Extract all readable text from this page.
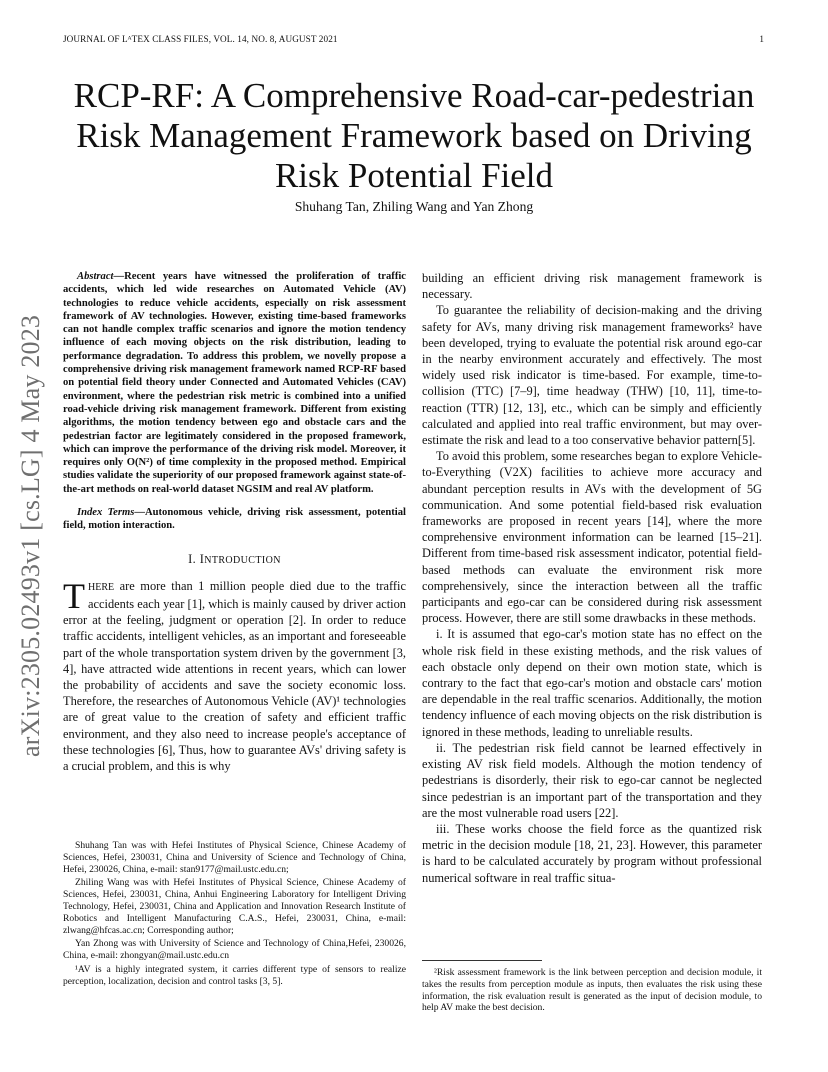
JOURNAL OF LᴬTEX CLASS FILES, VOL. 14, NO. 8, AUGUST 2021	1
arXiv:2305.02493v1 [cs.LG] 4 May 2023
RCP-RF: A Comprehensive Road-car-pedestrian Risk Management Framework based on Driving Risk Potential Field
Shuhang Tan, Zhiling Wang and Yan Zhong

Abstract—Recent years have witnessed the proliferation of traffic accidents, which led wide researches on Automated Vehicle (AV) technologies to reduce vehicle accidents, especially on risk assessment framework of AV technologies. However, existing time-based frameworks can not handle complex traffic scenarios and ignore the motion tendency influence of each moving objects on the risk distribution, leading to performance degradation. To address this problem, we novelly propose a comprehensive driving risk management framework named RCP-RF based on potential field theory under Connected and Automated Vehicles (CAV) environment, where the pedestrian risk metric is combined into a unified road-vehicle driving risk management framework. Different from existing algorithms, the motion tendency between ego and obstacle cars and the pedestrian factor are legitimately considered in the proposed framework, which can improve the performance of the driving risk model. Moreover, it requires only O(N²) of time complexity in the proposed method. Empirical studies validate the superiority of our proposed framework against state-of-the-art methods on real-world dataset NGSIM and real AV platform.

Index Terms—Autonomous vehicle, driving risk assessment, potential field, motion interaction.

I. INTRODUCTION

THERE are more than 1 million people died due to the traffic accidents each year [1], which is mainly caused by driver action error at the feeling, judgment or operation [2]. In order to reduce traffic accidents, intelligent vehicles, as an important and foreseeable part of the whole transportation system driven by the government [3, 4], have attracted wide attentions in recent years, which can lower the probability of accidents and save the society economic loss. Therefore, the researches of Autonomous Vehicle (AV)¹ technologies are of great value to the creation of safety and efficient traffic environment, and they also need to increase people's acceptance of these technologies [6], Thus, how to guarantee AVs' driving safety is a crucial problem, and this is why

building an efficient driving risk management framework is necessary.

To guarantee the reliability of decision-making and the driving safety for AVs, many driving risk management frameworks² have been developed, trying to evaluate the potential risk around ego-car in the nearby environment accurately and effectively. The most widely used risk indicator is time-based. For example, time-to-collision (TTC) [7–9], time headway (THW) [10, 11], time-to-reaction (TTR) [12, 13], etc., which can be simply and efficiently calculated and applied into real traffic environment, but may over-estimate the risk and lead to a too conservative behavior pattern[5].

To avoid this problem, some researches began to explore Vehicle-to-Everything (V2X) facilities to achieve more accuracy and abundant perception results in AVs with the development of 5G communication. And some potential field-based risk evaluation frameworks are proposed in recent years [14], where the more comprehensive environment information can be learned [15–21]. Different from time-based risk assessment indicator, potential field-based methods can evaluate the environment risk more comprehensively, since the interaction between all the traffic participants and ego-car can be considered during risk assessment process. However, there are still some drawbacks in these methods.

i. It is assumed that ego-car's motion state has no effect on the whole risk field in these existing methods, and the risk values of each obstacle only depend on their own motion state, which is contrary to the fact that ego-car's motion and obstacle cars' motion are dependable in the real traffic scenarios. Additionally, the motion tendency influence of each moving objects on the risk distribution is ignored in these methods, leading to unreliable results.

ii. The pedestrian risk field cannot be learned effectively in existing AV risk field models. Although the motion tendency of pedestrians is disorderly, their risk to ego-car cannot be neglected since pedestrian is an important part of the transportation and they are the most vulnerable road users [22].

iii. These works choose the field force as the quantized risk metric in the decision module [18, 21, 23]. However, this parameter is hard to be calculated accurately by program without professional numerical software in real traffic situa-

Shuhang Tan was with Hefei Institutes of Physical Science, Chinese Academy of Sciences, Hefei, 230031, China and University of Science and Technology of China, Hefei, 230026, China, e-mail: stan9177@mail.ustc.edu.cn;

Zhiling Wang was with Hefei Institutes of Physical Science, Chinese Academy of Sciences, Hefei, 230031, China, Anhui Engineering Laboratory for Intelligent Driving Technology, Hefei, 230031, China and Application and Innovation Research Institute of Robotics and Intelligent Manufacturing C.A.S., Hefei, 230031, China, e-mail: zlwang@hfcas.ac.cn; Corresponding author;

Yan Zhong was with University of Science and Technology of China,Hefei, 230026, China, e-mail: zhongyan@mail.ustc.edu.cn

¹AV is a highly integrated system, it carries different type of sensors to realize perception, localization, decision and control tasks [3, 5].

²Risk assessment framework is the link between perception and decision module, it takes the results from perception module as inputs, then evaluates the risk using these information, the risk evaluation result is generated as the input of decision module, to help AV make the best decision.
